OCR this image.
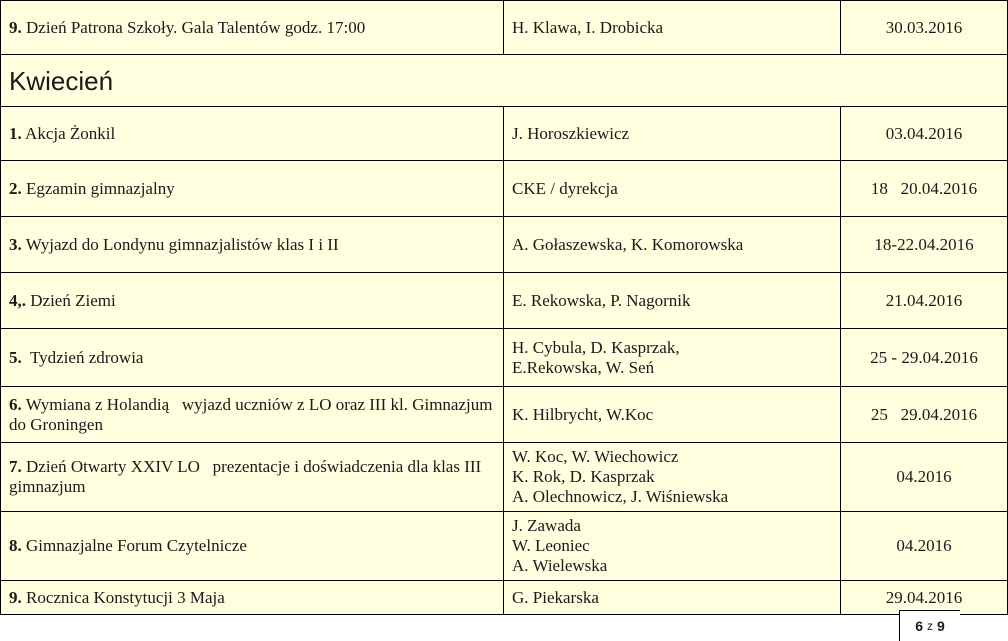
9. Dzień Patrona Szkoły. Gala Talentów godz. 17:00	H. Klawa, I. Drobicka	30.03.2016
Kwiecień		
1. Akcja Żonkil	J. Horoszkiewicz	03.04.2016
2. Egzamin gimnazjalny	CKE / dyrekcja	18   20.04.2016
3. Wyjazd do Londynu gimnazjalistów klas I i II	A. Gołaszewska, K. Komorowska	18-22.04.2016
4,. Dzień Ziemi	E. Rekowska, P. Nagornik	21.04.2016
5.  Tydzień zdrowia	H. Cybula, D. Kasprzak,
E.Rekowska, W. Seń	25 - 29.04.2016
6. Wymiana z Holandią   wyjazd uczniów z LO oraz III kl. Gimnazjum do Groningen	K. Hilbrycht, W.Koc	25   29.04.2016
7. Dzień Otwarty XXIV LO   prezentacje i doświadczenia dla klas III gimnazjum	W. Koc, W. Wiechowicz
K. Rok, D. Kasprzak
A. Olechnowicz, J. Wiśniewska	04.2016
8. Gimnazjalne Forum Czytelnicze	J. Zawada
W. Leoniec
A. Wielewska	04.2016
9. Rocznica Konstytucji 3 Maja	G. Piekarska	29.04.2016
6 z 9
